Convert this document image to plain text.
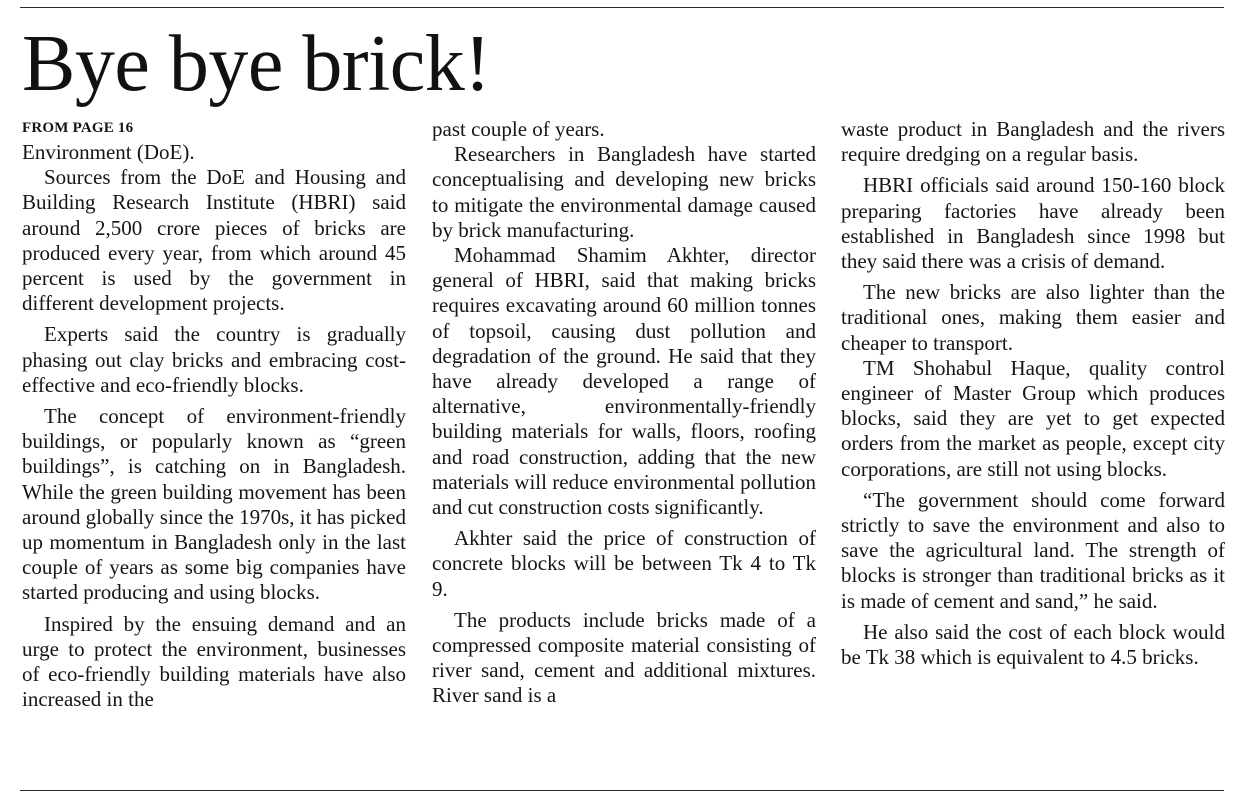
Bye bye brick!
FROM PAGE 16

Environment (DoE).

Sources from the DoE and Housing and Building Research Institute (HBRI) said around 2,500 crore pieces of bricks are produced every year, from which around 45 percent is used by the government in different development projects.

Experts said the country is gradually phasing out clay bricks and embracing cost-effective and eco-friendly blocks.

The concept of environment-friendly buildings, or popularly known as “green buildings”, is catching on in Bangladesh. While the green building movement has been around globally since the 1970s, it has picked up momentum in Bangladesh only in the last couple of years as some big companies have started producing and using blocks.

Inspired by the ensuing demand and an urge to protect the environment, businesses of eco-friendly building materials have also increased in the

past couple of years.

Researchers in Bangladesh have started conceptualising and developing new bricks to mitigate the environmental damage caused by brick manufacturing.

Mohammad Shamim Akhter, director general of HBRI, said that making bricks requires excavating around 60 million tonnes of topsoil, causing dust pollution and degradation of the ground. He said that they have already developed a range of alternative, environmentally-friendly building materials for walls, floors, roofing and road construction, adding that the new materials will reduce environmental pollution and cut construction costs significantly.

Akhter said the price of construction of concrete blocks will be between Tk 4 to Tk 9.

The products include bricks made of a compressed composite material consisting of river sand, cement and additional mixtures. River sand is a

waste product in Bangladesh and the rivers require dredging on a regular basis.

HBRI officials said around 150-160 block preparing factories have already been established in Bangladesh since 1998 but they said there was a crisis of demand.

The new bricks are also lighter than the traditional ones, making them easier and cheaper to transport.

TM Shohabul Haque, quality control engineer of Master Group which produces blocks, said they are yet to get expected orders from the market as people, except city corporations, are still not using blocks.

“The government should come forward strictly to save the environment and also to save the agricultural land. The strength of blocks is stronger than traditional bricks as it is made of cement and sand,” he said.

He also said the cost of each block would be Tk 38 which is equivalent to 4.5 bricks.
